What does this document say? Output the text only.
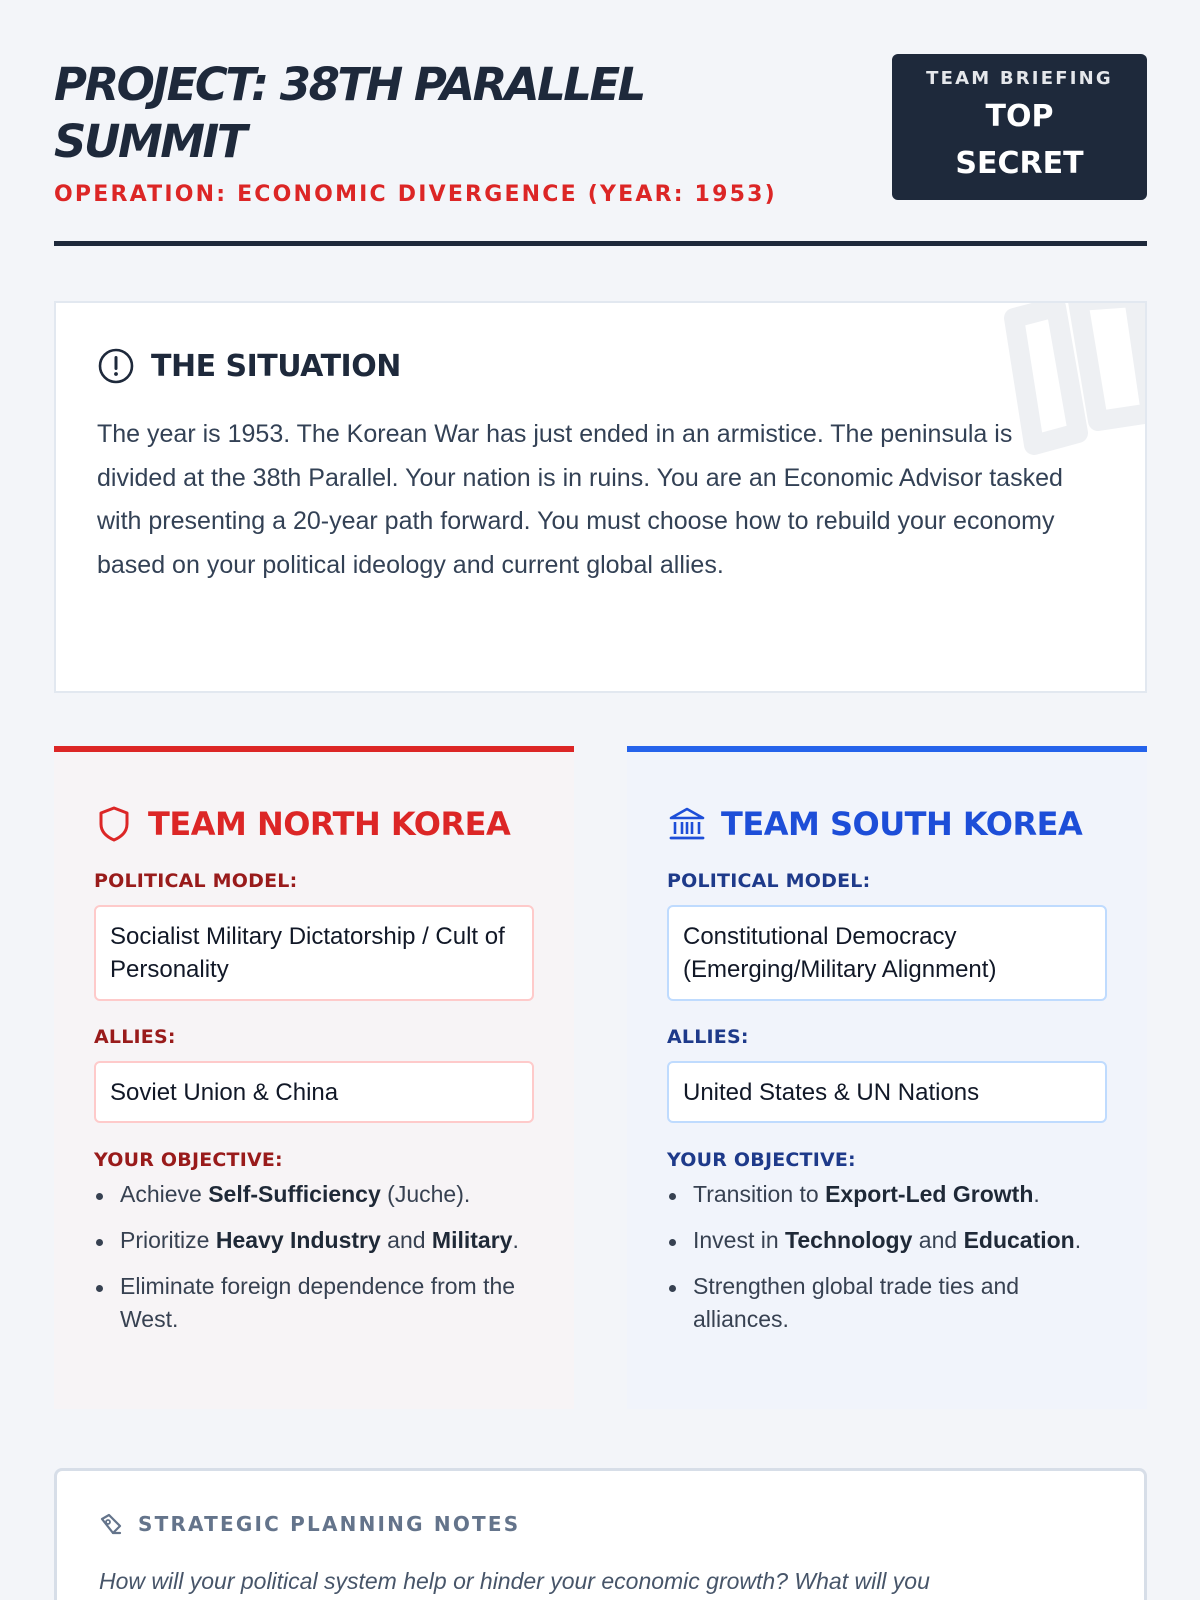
PROJECT: 38TH PARALLEL SUMMIT
OPERATION: ECONOMIC DIVERGENCE (YEAR: 1953)
TEAM BRIEFING
TOP SECRET
THE SITUATION

The year is 1953. The Korean War has just ended in an armistice. The peninsula is divided at the 38th Parallel. Your nation is in ruins. You are an Economic Advisor tasked with presenting a 20-year path forward. You must choose how to rebuild your economy based on your political ideology and current global allies.

TEAM NORTH KOREA
POLITICAL MODEL:
Socialist Military Dictatorship / Cult of Personality
ALLIES:
Soviet Union & China
YOUR OBJECTIVE:
Achieve Self-Sufficiency (Juche).
Prioritize Heavy Industry and Military.
Eliminate foreign dependence from the West.
TEAM SOUTH KOREA
POLITICAL MODEL:
Constitutional Democracy (Emerging/Military Alignment)
ALLIES:
United States & UN Nations
YOUR OBJECTIVE:
Transition to Export-Led Growth.
Invest in Technology and Education.
Strengthen global trade ties and alliances.
STRATEGIC PLANNING NOTES

How will your political system help or hinder your economic growth? What will you
